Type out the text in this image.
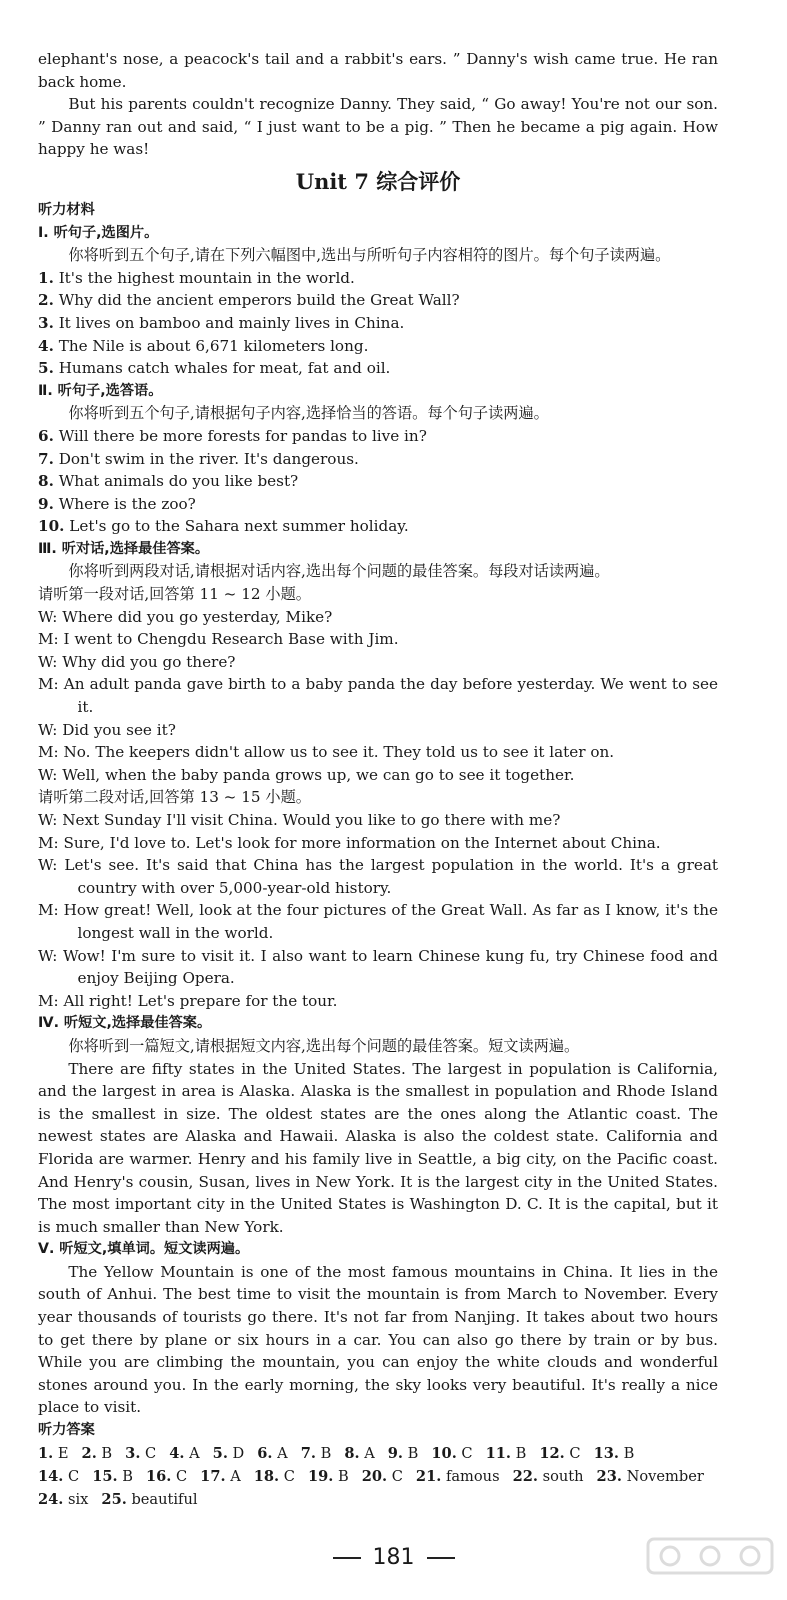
elephant's nose, a peacock's tail and a rabbit's ears. ” Danny's wish came true. He ran back home.

But his parents couldn't recognize Danny. They said, “ Go away! You're not our son. ” Danny ran out and said, “ I just want to be a pig. ” Then he became a pig again. How happy he was!

Unit 7 综合评价

听力材料

Ⅰ. 听句子,选图片。

你将听到五个句子,请在下列六幅图中,选出与所听句子内容相符的图片。每个句子读两遍。

1. It's the highest mountain in the world.

2. Why did the ancient emperors build the Great Wall?

3. It lives on bamboo and mainly lives in China.

4. The Nile is about 6,671 kilometers long.

5. Humans catch whales for meat, fat and oil.

Ⅱ. 听句子,选答语。

你将听到五个句子,请根据句子内容,选择恰当的答语。每个句子读两遍。

6. Will there be more forests for pandas to live in?

7. Don't swim in the river. It's dangerous.

8. What animals do you like best?

9. Where is the zoo?

10. Let's go to the Sahara next summer holiday.

Ⅲ. 听对话,选择最佳答案。

你将听到两段对话,请根据对话内容,选出每个问题的最佳答案。每段对话读两遍。

请听第一段对话,回答第 11 ~ 12 小题。

W: Where did you go yesterday, Mike?

M: I went to Chengdu Research Base with Jim.

W: Why did you go there?

M: An adult panda gave birth to a baby panda the day before yesterday. We went to see it.

W: Did you see it?

M: No. The keepers didn't allow us to see it. They told us to see it later on.

W: Well, when the baby panda grows up, we can go to see it together.

请听第二段对话,回答第 13 ~ 15 小题。

W: Next Sunday I'll visit China. Would you like to go there with me?

M: Sure, I'd love to. Let's look for more information on the Internet about China.

W: Let's see. It's said that China has the largest population in the world. It's a great country with over 5,000-year-old history.

M: How great! Well, look at the four pictures of the Great Wall. As far as I know, it's the longest wall in the world.

W: Wow! I'm sure to visit it. I also want to learn Chinese kung fu, try Chinese food and enjoy Beijing Opera.

M: All right! Let's prepare for the tour.

Ⅳ. 听短文,选择最佳答案。

你将听到一篇短文,请根据短文内容,选出每个问题的最佳答案。短文读两遍。

There are fifty states in the United States. The largest in population is California, and the largest in area is Alaska. Alaska is the smallest in population and Rhode Island is the smallest in size. The oldest states are the ones along the Atlantic coast. The newest states are Alaska and Hawaii. Alaska is also the coldest state. California and Florida are warmer. Henry and his family live in Seattle, a big city, on the Pacific coast. And Henry's cousin, Susan, lives in New York. It is the largest city in the United States. The most important city in the United States is Washington D. C. It is the capital, but it is much smaller than New York.

Ⅴ. 听短文,填单词。短文读两遍。

The Yellow Mountain is one of the most famous mountains in China. It lies in the south of Anhui. The best time to visit the mountain is from March to November. Every year thousands of tourists go there. It's not far from Nanjing. It takes about two hours to get there by plane or six hours in a car. You can also go there by train or by bus. While you are climbing the mountain, you can enjoy the white clouds and wonderful stones around you. In the early morning, the sky looks very beautiful. It's really a nice place to visit.

听力答案

1. E 2. B 3. C 4. A 5. D 6. A 7. B 8. A 9. B 10. C 11. B 12. C 13. B

14. C 15. B 16. C 17. A 18. C 19. B 20. C 21. famous 22. south 23. November

24. six 25. beautiful

181
